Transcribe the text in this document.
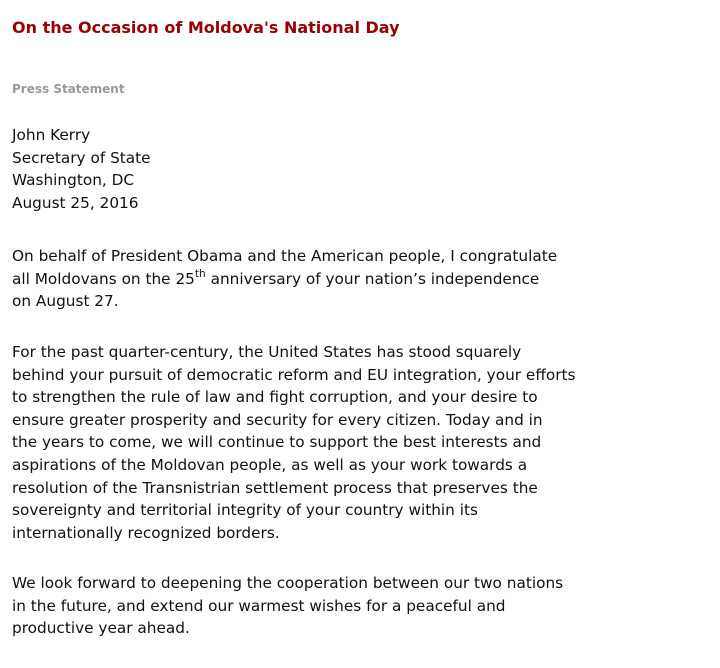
On the Occasion of Moldova's National Day
Press Statement
John Kerry
Secretary of State
Washington, DC
August 25, 2016

On behalf of President Obama and the American people, I congratulate
all Moldovans on the 25th anniversary of your nation’s independence
on August 27.

For the past quarter-century, the United States has stood squarely
behind your pursuit of democratic reform and EU integration, your efforts
to strengthen the rule of law and fight corruption, and your desire to
ensure greater prosperity and security for every citizen. Today and in
the years to come, we will continue to support the best interests and
aspirations of the Moldovan people, as well as your work towards a
resolution of the Transnistrian settlement process that preserves the
sovereignty and territorial integrity of your country within its
internationally recognized borders.

We look forward to deepening the cooperation between our two nations
in the future, and extend our warmest wishes for a peaceful and
productive year ahead.
